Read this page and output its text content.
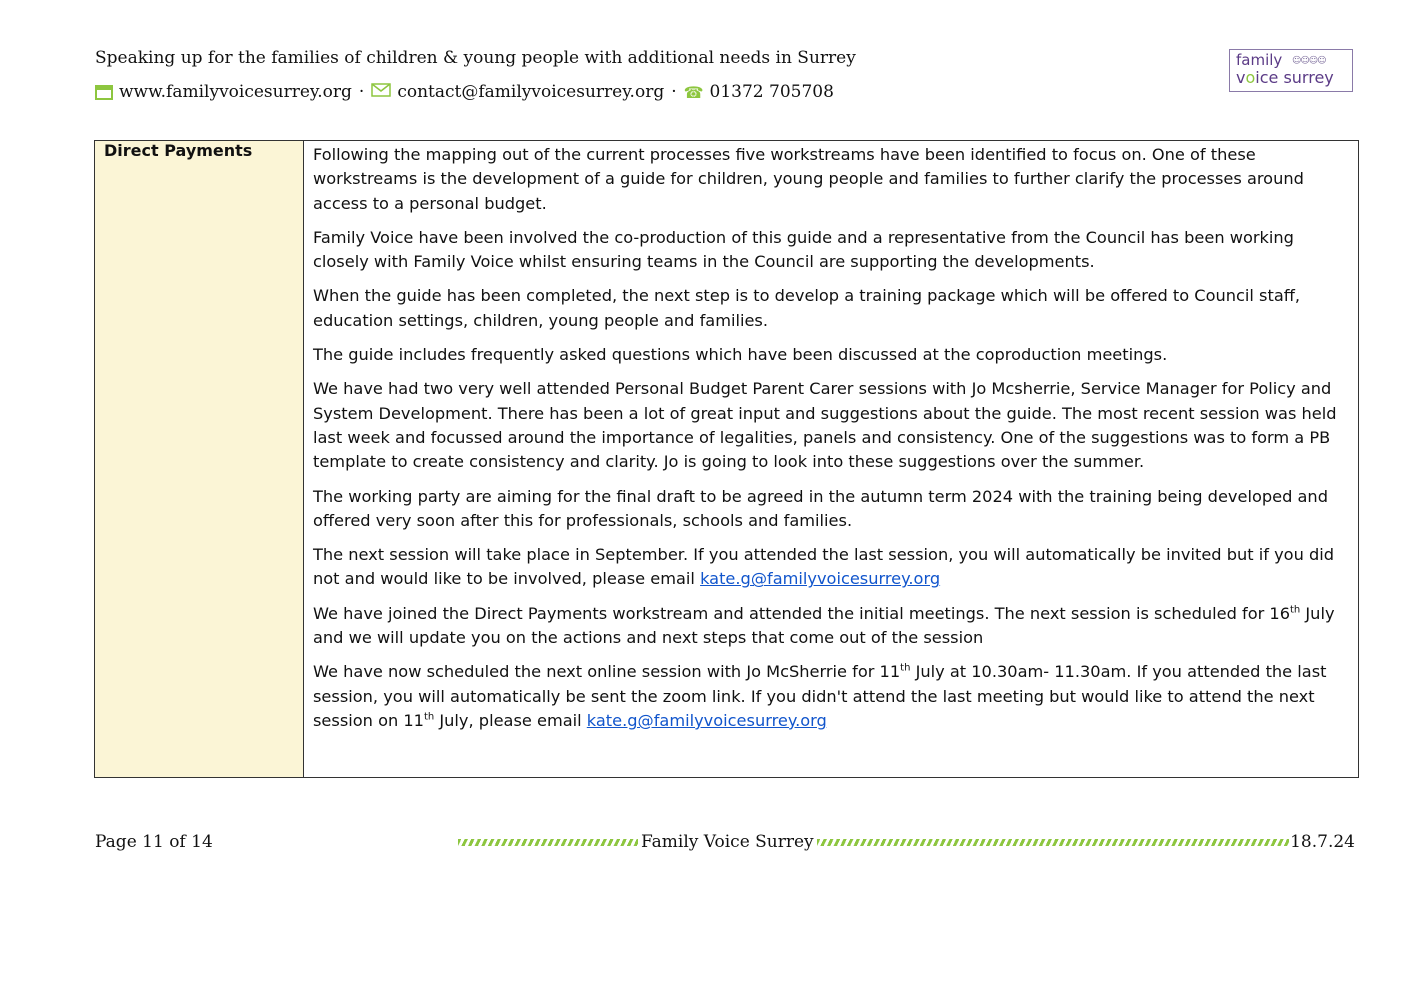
Speaking up for the families of children & young people with additional needs in Surrey
www.familyvoicesurrey.org · contact@familyvoicesurrey.org · ☎ 01372 705708
family ☺☺☺☺
voice surrey
Direct Payments	Following the mapping out of the current processes five workstreams have been identified to focus on. One of these workstreams is the development of a guide for children, young people and families to further clarify the processes around access to a personal budget.

Family Voice have been involved the co-production of this guide and a representative from the Council has been working closely with Family Voice whilst ensuring teams in the Council are supporting the developments.

When the guide has been completed, the next step is to develop a training package which will be offered to Council staff, education settings, children, young people and families.

The guide includes frequently asked questions which have been discussed at the coproduction meetings.

We have had two very well attended Personal Budget Parent Carer sessions with Jo Mcsherrie, Service Manager for Policy and System Development. There has been a lot of great input and suggestions about the guide. The most recent session was held last week and focussed around the importance of legalities, panels and consistency. One of the suggestions was to form a PB template to create consistency and clarity. Jo is going to look into these suggestions over the summer.

The working party are aiming for the final draft to be agreed in the autumn term 2024 with the training being developed and offered very soon after this for professionals, schools and families.

The next session will take place in September. If you attended the last session, you will automatically be invited but if you did not and would like to be involved, please email kate.g@familyvoicesurrey.org

We have joined the Direct Payments workstream and attended the initial meetings. The next session is scheduled for 16th July and we will update you on the actions and next steps that come out of the session

We have now scheduled the next online session with Jo McSherrie for 11th July at 10.30am- 11.30am. If you attended the last session, you will automatically be sent the zoom link. If you didn't attend the last meeting but would like to attend the next session on 11th July, please email kate.g@familyvoicesurrey.org

Page 11 of 14	Family Voice Surrey	18.7.24
